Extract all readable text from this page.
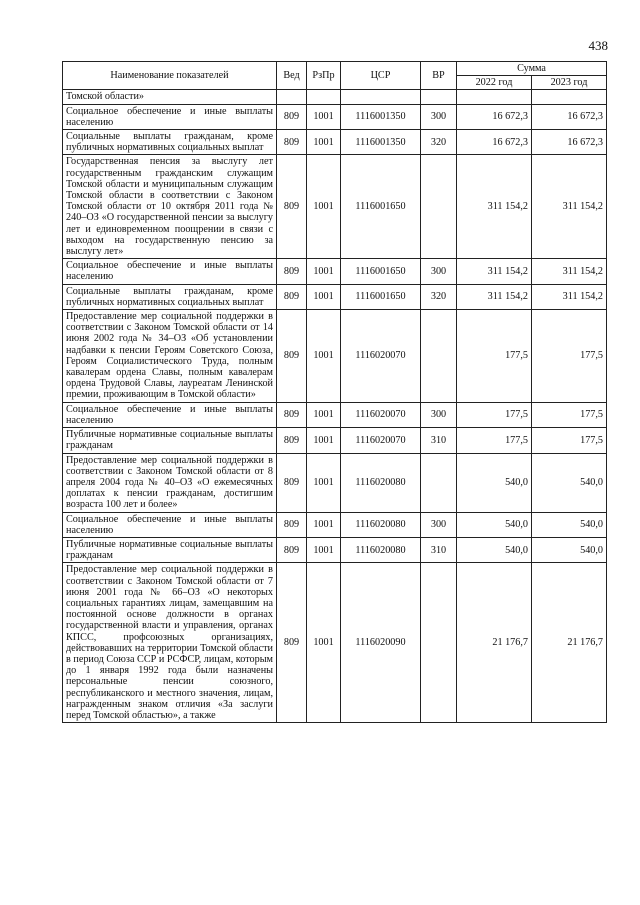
438
Наименование показателей	Вед	РзПр	ЦСР	ВР	Сумма	
					2022 год	2023 год
Томской области»						
Социальное обеспечение и иные выплаты населению	809	1001	1116001350	300	16 672,3	16 672,3
Социальные выплаты гражданам, кроме публичных нормативных социальных выплат	809	1001	1116001350	320	16 672,3	16 672,3
Государственная пенсия за выслугу лет государственным гражданским служащим Томской области и муниципальным служащим Томской области в соответствии с Законом Томской области от 10 октября 2011 года № 240–ОЗ «О государственной пенсии за выслугу лет и единовременном поощрении в связи с выходом на государственную пенсию за выслугу лет»	809	1001	1116001650		311 154,2	311 154,2
Социальное обеспечение и иные выплаты населению	809	1001	1116001650	300	311 154,2	311 154,2
Социальные выплаты гражданам, кроме публичных нормативных социальных выплат	809	1001	1116001650	320	311 154,2	311 154,2
Предоставление мер социальной поддержки в соответствии с Законом Томской области от 14 июня 2002 года № 34–ОЗ «Об установлении надбавки к пенсии Героям Советского Союза, Героям Социалистического Труда, полным кавалерам ордена Славы, полным кавалерам ордена Трудовой Славы, лауреатам Ленинской премии, проживающим в Томской области»	809	1001	1116020070		177,5	177,5
Социальное обеспечение и иные выплаты населению	809	1001	1116020070	300	177,5	177,5
Публичные нормативные социальные выплаты гражданам	809	1001	1116020070	310	177,5	177,5
Предоставление мер социальной поддержки в соответствии с Законом Томской области от 8 апреля 2004 года № 40–ОЗ «О ежемесячных доплатах к пенсии гражданам, достигшим возраста 100 лет и более»	809	1001	1116020080		540,0	540,0
Социальное обеспечение и иные выплаты населению	809	1001	1116020080	300	540,0	540,0
Публичные нормативные социальные выплаты гражданам	809	1001	1116020080	310	540,0	540,0
Предоставление мер социальной поддержки в соответствии с Законом Томской области от 7 июня 2001 года № 66–ОЗ «О некоторых социальных гарантиях лицам, замещавшим на постоянной основе должности в органах государственной власти и управления, органах КПСС, профсоюзных организациях, действовавших на территории Томской области в период Союза ССР и РСФСР, лицам, которым до 1 января 1992 года были назначены персональные пенсии союзного, республиканского и местного значения, лицам, награжденным знаком отличия «За заслуги перед Томской областью», а также	809	1001	1116020090		21 176,7	21 176,7
